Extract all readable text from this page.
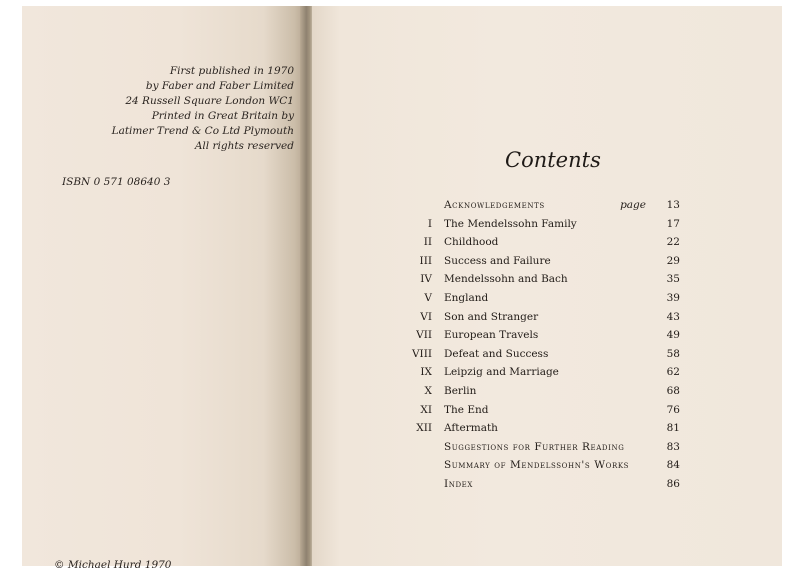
First published in 1970
by Faber and Faber Limited
24 Russell Square London WC1
Printed in Great Britain by
Latimer Trend & Co Ltd Plymouth
All rights reserved
ISBN 0 571 08640 3
© Michael Hurd 1970
Contents
Acknowledgements	page	13
I The Mendelssohn Family	17
II Childhood	22
III Success and Failure	29
IV Mendelssohn and Bach	35
V England	39
VI Son and Stranger	43
VII European Travels	49
VIII Defeat and Success	58
IX Leipzig and Marriage	62
X Berlin	68
XI The End	76
XII Aftermath	81
Suggestions for Further Reading	83
Summary of Mendelssohn's Works	84
Index	86
